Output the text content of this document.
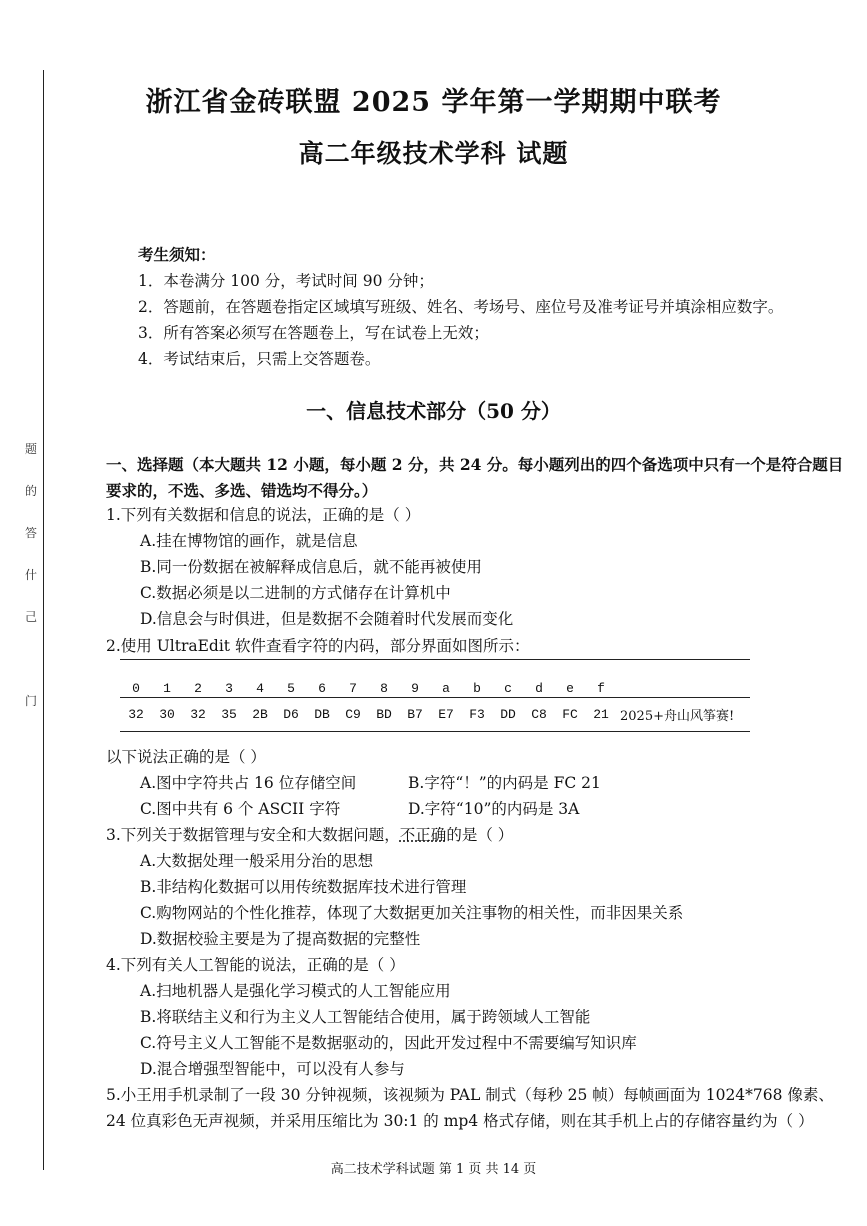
题
的
答
什
己
门
浙江省金砖联盟 2025 学年第一学期期中联考
高二年级技术学科 试题
考生须知：
1．本卷满分 100 分，考试时间 90 分钟；
2．答题前，在答题卷指定区域填写班级、姓名、考场号、座位号及准考证号并填涂相应数字。
3．所有答案必须写在答题卷上，写在试卷上无效；
4．考试结束后，只需上交答题卷。
一、信息技术部分（50 分）
一、选择题（本大题共 12 小题，每小题 2 分，共 24 分。每小题列出的四个备选项中只有一个是符合题目要求的，不选、多选、错选均不得分。）
1.下列有关数据和信息的说法，正确的是（ ）
A.挂在博物馆的画作，就是信息
B.同一份数据在被解释成信息后，就不能再被使用
C.数据必须是以二进制的方式储存在计算机中
D.信息会与时俱进，但是数据不会随着时代发展而变化
2.使用 UltraEdit 软件查看字符的内码，部分界面如图所示：
0	1	2	3	4	5	6	7	8	9	a	b	c	d	e	f
32	30	32	35	2B	D6	DB	C9	BD	B7	E7	F3	DD	C8	FC	21 2025+舟山风筝赛!
以下说法正确的是（ ）
A.图中字符共占 16 位存储空间	B.字符“！”的内码是 FC 21
C.图中共有 6 个 ASCII 字符	D.字符“10”的内码是 3A
3.下列关于数据管理与安全和大数据问题，不正确的是（ ）
A.大数据处理一般采用分治的思想
B.非结构化数据可以用传统数据库技术进行管理
C.购物网站的个性化推荐，体现了大数据更加关注事物的相关性，而非因果关系
D.数据校验主要是为了提高数据的完整性
4.下列有关人工智能的说法，正确的是（ ）
A.扫地机器人是强化学习模式的人工智能应用
B.将联结主义和行为主义人工智能结合使用，属于跨领域人工智能
C.符号主义人工智能不是数据驱动的，因此开发过程中不需要编写知识库
D.混合增强型智能中，可以没有人参与
5.小王用手机录制了一段 30 分钟视频，该视频为 PAL 制式（每秒 25 帧）每帧画面为 1024*768 像素、24 位真彩色无声视频，并采用压缩比为 30:1 的 mp4 格式存储，则在其手机上占的存储容量约为（ ）
高二技术学科试题 第 1 页 共 14 页
